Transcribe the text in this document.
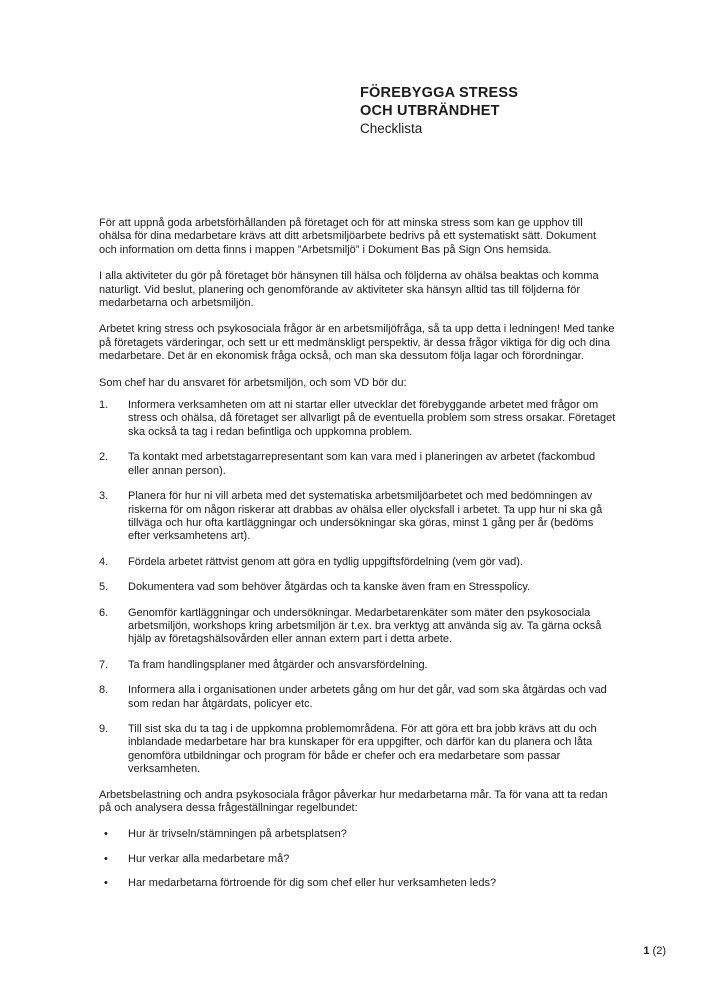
FÖREBYGGA STRESS
OCH UTBRÄNDHET
Checklista

För att uppnå goda arbetsförhållanden på företaget och för att minska stress som kan ge upphov till ohälsa för dina medarbetare krävs att ditt arbetsmiljöarbete bedrivs på ett systematiskt sätt. Dokument och information om detta finns i mappen ”Arbetsmiljö” i Dokument Bas på Sign Ons hemsida.

I alla aktiviteter du gör på företaget bör hänsynen till hälsa och följderna av ohälsa beaktas och komma naturligt. Vid beslut, planering och genomförande av aktiviteter ska hänsyn alltid tas till följderna för medarbetarna och arbetsmiljön.

Arbetet kring stress och psykosociala frågor är en arbetsmiljöfråga, så ta upp detta i ledningen! Med tanke på företagets värderingar, och sett ur ett medmänskligt perspektiv, är dessa frågor viktiga för dig och dina medarbetare. Det är en ekonomisk fråga också, och man ska dessutom följa lagar och förordningar.

Som chef har du ansvaret för arbetsmiljön, och som VD bör du:

1.	Informera verksamheten om att ni startar eller utvecklar det förebyggande arbetet med frågor om stress och ohälsa, då företaget ser allvarligt på de eventuella problem som stress orsakar. Företaget ska också ta tag i redan befintliga och uppkomna problem.
2.	Ta kontakt med arbetstagarrepresentant som kan vara med i planeringen av arbetet (fackombud eller annan person).
3.	Planera för hur ni vill arbeta med det systematiska arbetsmiljöarbetet och med bedömningen av riskerna för om någon riskerar att drabbas av ohälsa eller olycksfall i arbetet. Ta upp hur ni ska gå tillväga och hur ofta kartläggningar och undersökningar ska göras, minst 1 gång per år (bedöms efter verksamhetens art).
4.	Fördela arbetet rättvist genom att göra en tydlig uppgiftsfördelning (vem gör vad).
5.	Dokumentera vad som behöver åtgärdas och ta kanske även fram en Stresspolicy.
6.	Genomför kartläggningar och undersökningar. Medarbetarenkäter som mäter den psykosociala arbetsmiljön, workshops kring arbetsmiljön är t.ex. bra verktyg att använda sig av. Ta gärna också hjälp av företagshälsovården eller annan extern part i detta arbete.
7.	Ta fram handlingsplaner med åtgärder och ansvarsfördelning.
8.	Informera alla i organisationen under arbetets gång om hur det går, vad som ska åtgärdas och vad som redan har åtgärdats, policyer etc.
9.	Till sist ska du ta tag i de uppkomna problemområdena. För att göra ett bra jobb krävs att du och inblandade medarbetare har bra kunskaper för era uppgifter, och därför kan du planera och låta genomföra utbildningar och program för både er chefer och era medarbetare som passar verksamheten.

Arbetsbelastning och andra psykosociala frågor påverkar hur medarbetarna mår. Ta för vana att ta redan på och analysera dessa frågeställningar regelbundet:

•	Hur är trivseln/stämningen på arbetsplatsen?
•	Hur verkar alla medarbetare må?
•	Har medarbetarna förtroende för dig som chef eller hur verksamheten leds?
1 (2)
